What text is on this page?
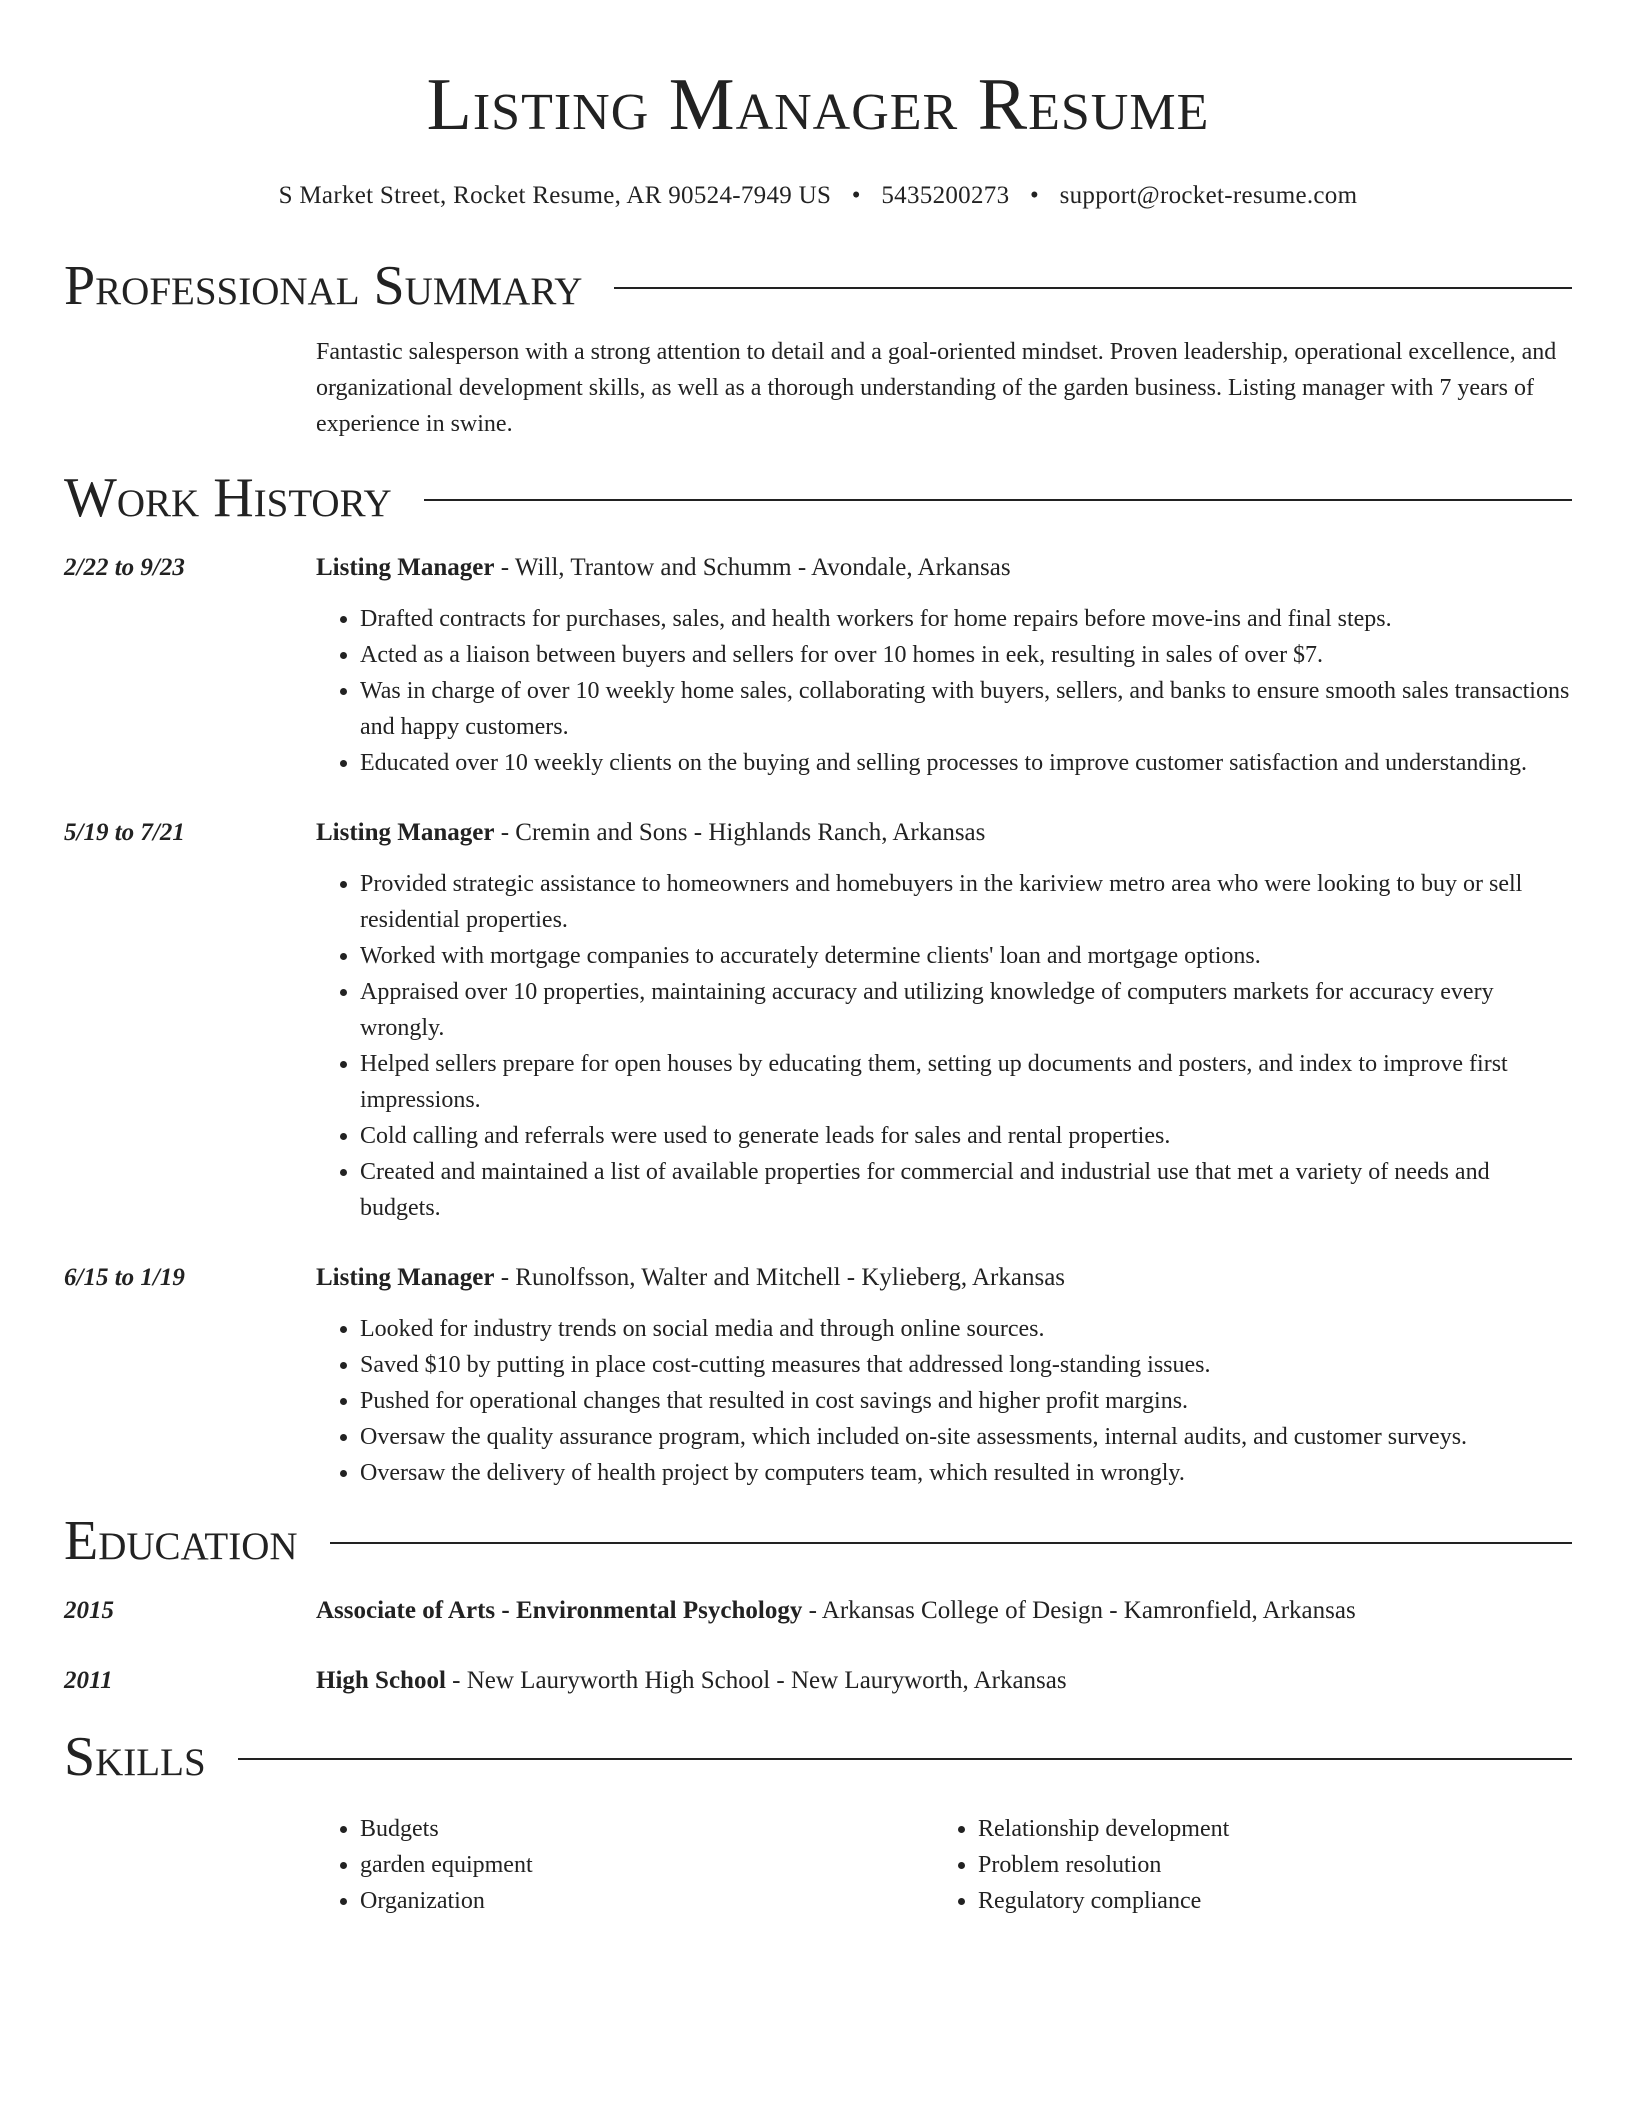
Listing Manager Resume
S Market Street, Rocket Resume, AR 90524-7949 US • 5435200273 • support@rocket-resume.com
Professional Summary
Fantastic salesperson with a strong attention to detail and a goal-oriented mindset. Proven leadership, operational excellence, and organizational development skills, as well as a thorough understanding of the garden business. Listing manager with 7 years of experience in swine.
Work History
2/22 to 9/23	Listing Manager - Will, Trantow and Schumm - Avondale, Arkansas
• Drafted contracts for purchases, sales, and health workers for home repairs before move-ins and final steps.
• Acted as a liaison between buyers and sellers for over 10 homes in eek, resulting in sales of over $7.
• Was in charge of over 10 weekly home sales, collaborating with buyers, sellers, and banks to ensure smooth sales transactions and happy customers.
• Educated over 10 weekly clients on the buying and selling processes to improve customer satisfaction and understanding.
5/19 to 7/21	Listing Manager - Cremin and Sons - Highlands Ranch, Arkansas
• Provided strategic assistance to homeowners and homebuyers in the kariview metro area who were looking to buy or sell residential properties.
• Worked with mortgage companies to accurately determine clients' loan and mortgage options.
• Appraised over 10 properties, maintaining accuracy and utilizing knowledge of computers markets for accuracy every wrongly.
• Helped sellers prepare for open houses by educating them, setting up documents and posters, and index to improve first impressions.
• Cold calling and referrals were used to generate leads for sales and rental properties.
• Created and maintained a list of available properties for commercial and industrial use that met a variety of needs and budgets.
6/15 to 1/19	Listing Manager - Runolfsson, Walter and Mitchell - Kylieberg, Arkansas
• Looked for industry trends on social media and through online sources.
• Saved $10 by putting in place cost-cutting measures that addressed long-standing issues.
• Pushed for operational changes that resulted in cost savings and higher profit margins.
• Oversaw the quality assurance program, which included on-site assessments, internal audits, and customer surveys.
• Oversaw the delivery of health project by computers team, which resulted in wrongly.
Education
2015	Associate of Arts - Environmental Psychology - Arkansas College of Design - Kamronfield, Arkansas
2011	High School - New Lauryworth High School - New Lauryworth, Arkansas
Skills
• Budgets
• garden equipment
• Organization
• Relationship development
• Problem resolution
• Regulatory compliance
